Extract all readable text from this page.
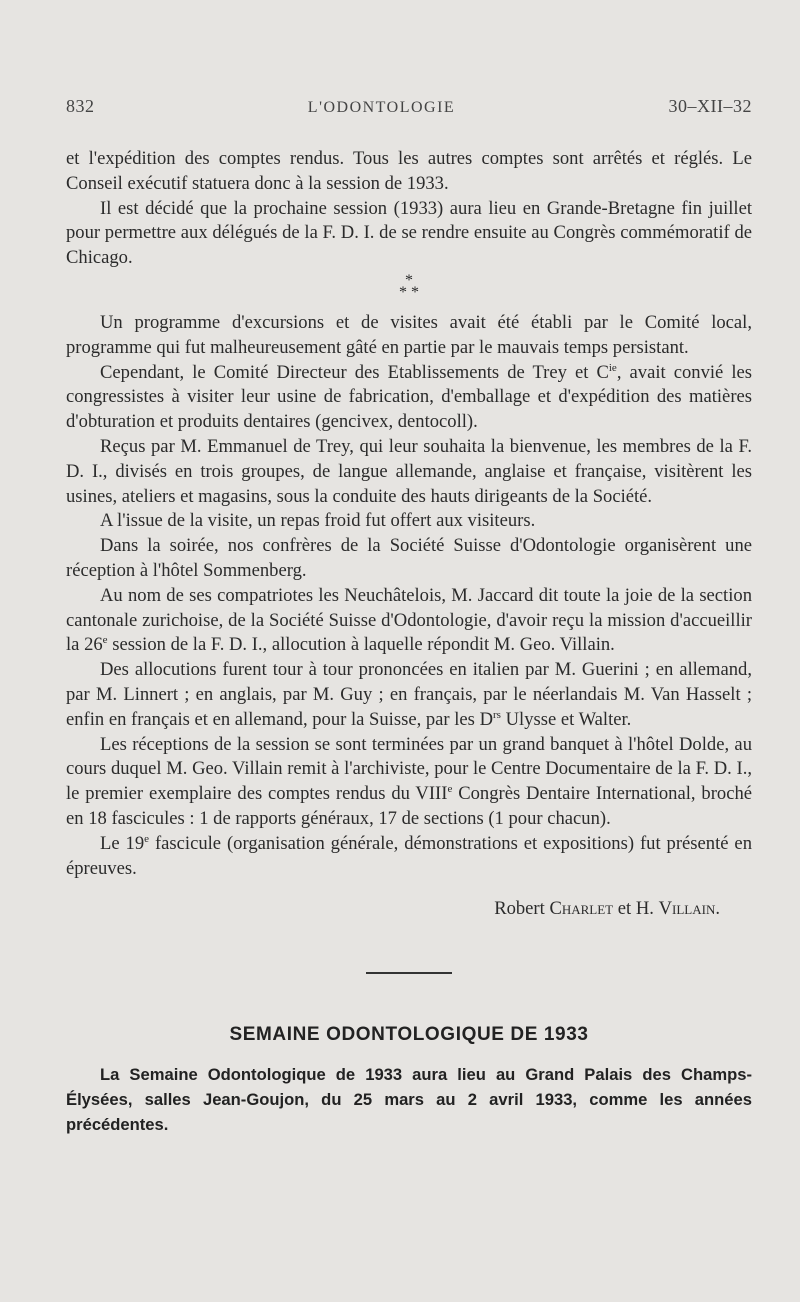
832	L'ODONTOLOGIE	30–XII–32

et l'expédition des comptes rendus. Tous les autres comptes sont arrêtés et réglés. Le Conseil exécutif statuera donc à la session de 1933.

Il est décidé que la prochaine session (1933) aura lieu en Grande-Bretagne fin juillet pour permettre aux délégués de la F. D. I. de se rendre ensuite au Congrès commémoratif de Chicago.

*
* *

Un programme d'excursions et de visites avait été établi par le Comité local, programme qui fut malheureusement gâté en partie par le mauvais temps persistant.

Cependant, le Comité Directeur des Etablissements de Trey et $C^{ie}$, avait convié les congressistes à visiter leur usine de fabrication, d'emballage et d'expédition des matières d'obturation et produits dentaires (gencivex, dentocoll).

Reçus par M. Emmanuel de Trey, qui leur souhaita la bienvenue, les membres de la F. D. I., divisés en trois groupes, de langue allemande, anglaise et française, visitèrent les usines, ateliers et magasins, sous la conduite des hauts dirigeants de la Société.

A l'issue de la visite, un repas froid fut offert aux visiteurs.

Dans la soirée, nos confrères de la Société Suisse d'Odontologie organisèrent une réception à l'hôtel Sommenberg.

Au nom de ses compatriotes les Neuchâtelois, M. Jaccard dit toute la joie de la section cantonale zurichoise, de la Société Suisse d'Odontologie, d'avoir reçu la mission d'accueillir la 26e session de la F. D. I., allocution à laquelle répondit M. Geo. Villain.

Des allocutions furent tour à tour prononcées en italien par M. Guerini ; en allemand, par M. Linnert ; en anglais, par M. Guy ; en français, par le néerlandais M. Van Hasselt ; enfin en français et en allemand, pour la Suisse, par les $D^{rs}$ Ulysse et Walter.

Les réceptions de la session se sont terminées par un grand banquet à l'hôtel Dolde, au cours duquel M. Geo. Villain remit à l'archiviste, pour le Centre Documentaire de la F. D. I., le premier exemplaire des comptes rendus du VIIIe Congrès Dentaire International, broché en 18 fascicules : 1 de rapports généraux, 17 de sections (1 pour chacun).

Le 19e fascicule (organisation générale, démonstrations et expositions) fut présenté en épreuves.

Robert Charlet et H. Villain.
SEMAINE ODONTOLOGIQUE DE 1933

La Semaine Odontologique de 1933 aura lieu au Grand Palais des Champs-Élysées, salles Jean-Goujon, du 25 mars au 2 avril 1933, comme les années précédentes.
